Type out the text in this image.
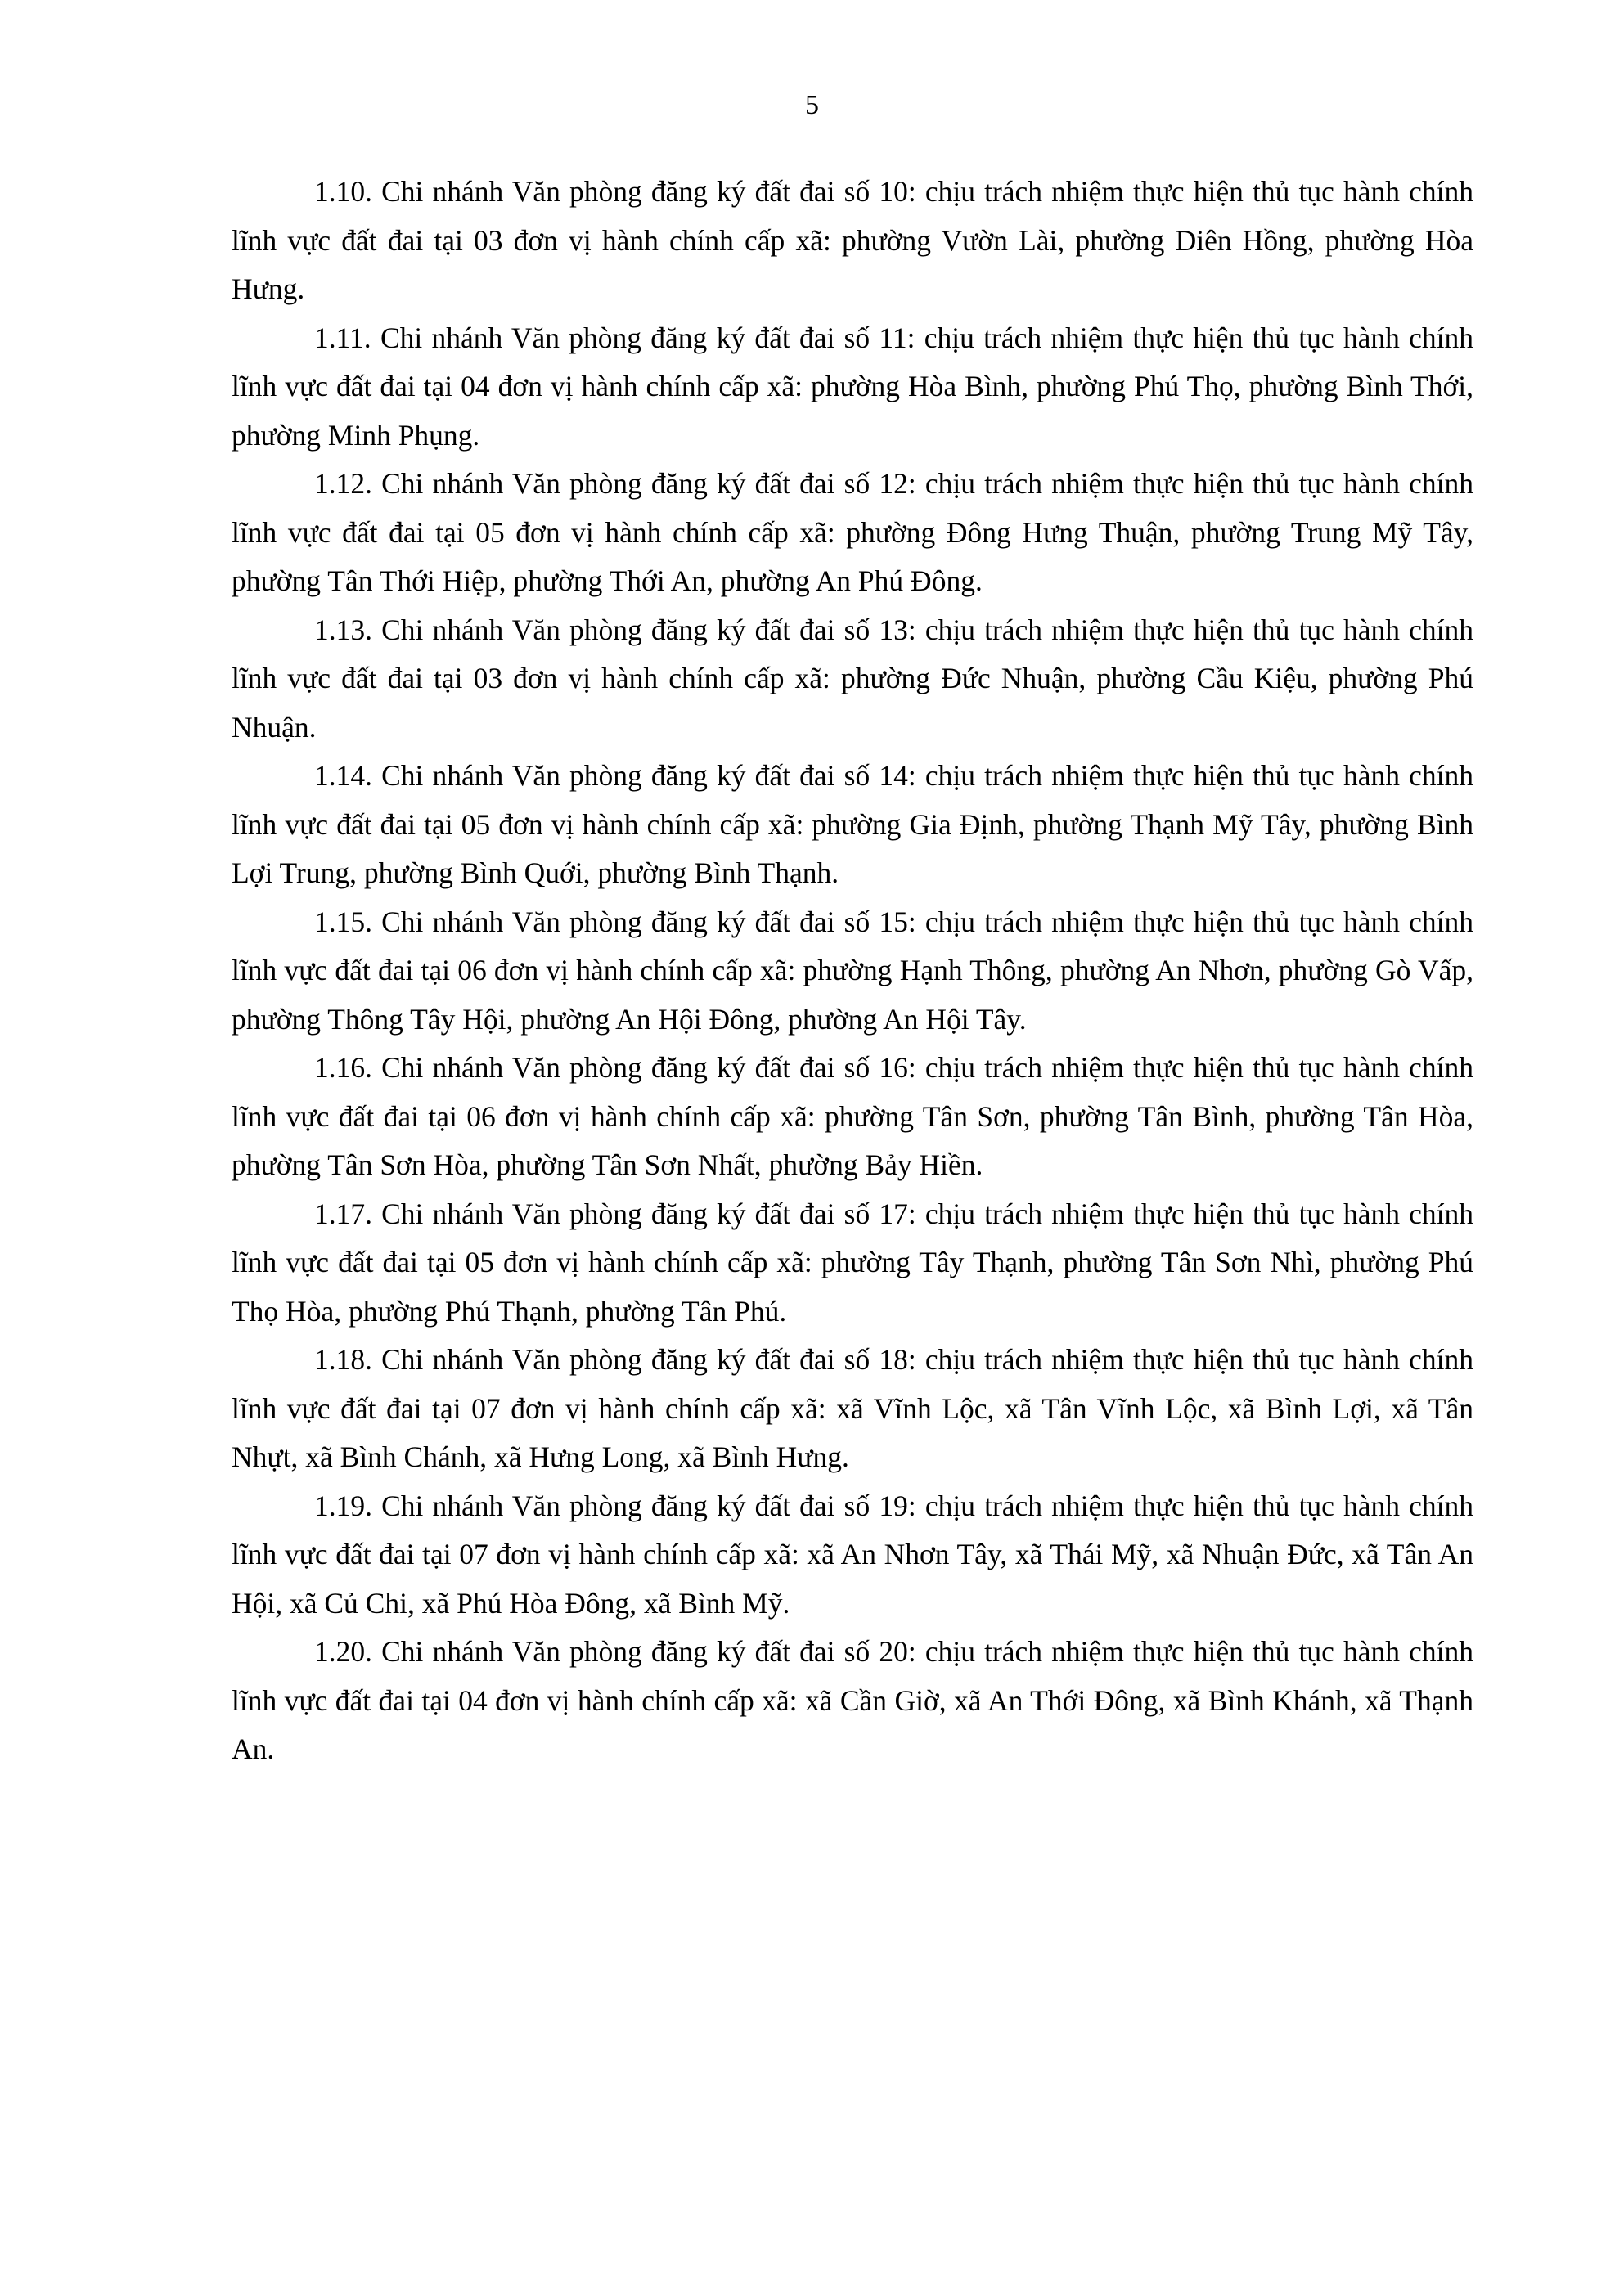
5

1.10. Chi nhánh Văn phòng đăng ký đất đai số 10: chịu trách nhiệm thực hiện thủ tục hành chính lĩnh vực đất đai tại 03 đơn vị hành chính cấp xã: phường Vườn Lài, phường Diên Hồng, phường Hòa Hưng.

1.11. Chi nhánh Văn phòng đăng ký đất đai số 11: chịu trách nhiệm thực hiện thủ tục hành chính lĩnh vực đất đai tại 04 đơn vị hành chính cấp xã: phường Hòa Bình, phường Phú Thọ, phường Bình Thới, phường Minh Phụng.

1.12. Chi nhánh Văn phòng đăng ký đất đai số 12: chịu trách nhiệm thực hiện thủ tục hành chính lĩnh vực đất đai tại 05 đơn vị hành chính cấp xã: phường Đông Hưng Thuận, phường Trung Mỹ Tây, phường Tân Thới Hiệp, phường Thới An, phường An Phú Đông.

1.13. Chi nhánh Văn phòng đăng ký đất đai số 13: chịu trách nhiệm thực hiện thủ tục hành chính lĩnh vực đất đai tại 03 đơn vị hành chính cấp xã: phường Đức Nhuận, phường Cầu Kiệu, phường Phú Nhuận.

1.14. Chi nhánh Văn phòng đăng ký đất đai số 14: chịu trách nhiệm thực hiện thủ tục hành chính lĩnh vực đất đai tại 05 đơn vị hành chính cấp xã: phường Gia Định, phường Thạnh Mỹ Tây, phường Bình Lợi Trung, phường Bình Quới, phường Bình Thạnh.

1.15. Chi nhánh Văn phòng đăng ký đất đai số 15: chịu trách nhiệm thực hiện thủ tục hành chính lĩnh vực đất đai tại 06 đơn vị hành chính cấp xã: phường Hạnh Thông, phường An Nhơn, phường Gò Vấp, phường Thông Tây Hội, phường An Hội Đông, phường An Hội Tây.

1.16. Chi nhánh Văn phòng đăng ký đất đai số 16: chịu trách nhiệm thực hiện thủ tục hành chính lĩnh vực đất đai tại 06 đơn vị hành chính cấp xã: phường Tân Sơn, phường Tân Bình, phường Tân Hòa, phường Tân Sơn Hòa, phường Tân Sơn Nhất, phường Bảy Hiền.

1.17. Chi nhánh Văn phòng đăng ký đất đai số 17: chịu trách nhiệm thực hiện thủ tục hành chính lĩnh vực đất đai tại 05 đơn vị hành chính cấp xã: phường Tây Thạnh, phường Tân Sơn Nhì, phường Phú Thọ Hòa, phường Phú Thạnh, phường Tân Phú.

1.18. Chi nhánh Văn phòng đăng ký đất đai số 18: chịu trách nhiệm thực hiện thủ tục hành chính lĩnh vực đất đai tại 07 đơn vị hành chính cấp xã: xã Vĩnh Lộc, xã Tân Vĩnh Lộc, xã Bình Lợi, xã Tân Nhựt, xã Bình Chánh, xã Hưng Long, xã Bình Hưng.

1.19. Chi nhánh Văn phòng đăng ký đất đai số 19: chịu trách nhiệm thực hiện thủ tục hành chính lĩnh vực đất đai tại 07 đơn vị hành chính cấp xã: xã An Nhơn Tây, xã Thái Mỹ, xã Nhuận Đức, xã Tân An Hội, xã Củ Chi, xã Phú Hòa Đông, xã Bình Mỹ.

1.20. Chi nhánh Văn phòng đăng ký đất đai số 20: chịu trách nhiệm thực hiện thủ tục hành chính lĩnh vực đất đai tại 04 đơn vị hành chính cấp xã: xã Cần Giờ, xã An Thới Đông, xã Bình Khánh, xã Thạnh An.
